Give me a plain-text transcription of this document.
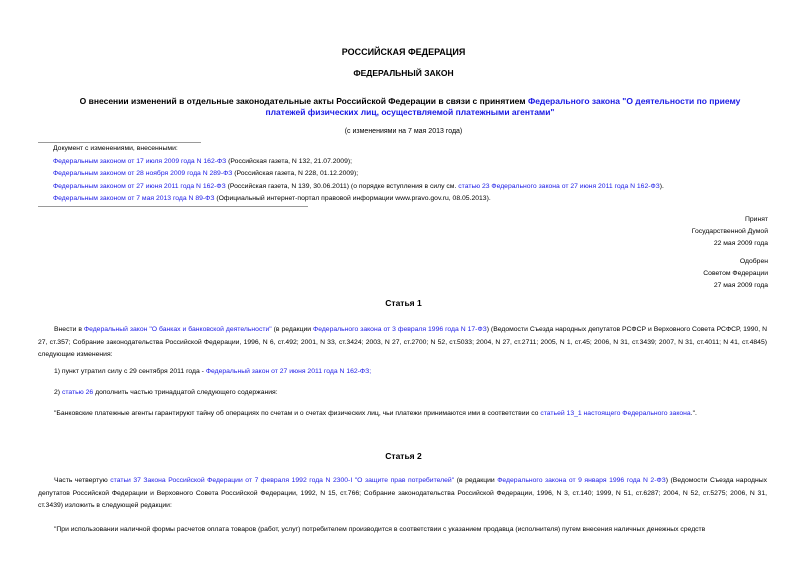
РОССИЙСКАЯ ФЕДЕРАЦИЯ
ФЕДЕРАЛЬНЫЙ ЗАКОН
О внесении изменений в отдельные законодательные акты Российской Федерации в связи с принятием Федерального закона "О деятельности по приему платежей физических лиц, осуществляемой платежными агентами"
(с изменениями на 7 мая 2013 года)
Документ с изменениями, внесенными:
Федеральным законом от 17 июля 2009 года N 162-ФЗ (Российская газета, N 132, 21.07.2009);
Федеральным законом от 28 ноября 2009 года N 289-ФЗ (Российская газета, N 228, 01.12.2009);
Федеральным законом от 27 июня 2011 года N 162-ФЗ (Российская газета, N 139, 30.06.2011) (о порядке вступления в силу см. статью 23 Федерального закона от 27 июня 2011 года N 162-ФЗ).
Федеральным законом от 7 мая 2013 года N 89-ФЗ (Официальный интернет-портал правовой информации www.pravo.gov.ru, 08.05.2013).
Принят
Государственной Думой
22 мая 2009 года
Одобрен
Советом Федерации
27 мая 2009 года
Статья 1
Внести в Федеральный закон "О банках и банковской деятельности" (в редакции Федерального закона от 3 февраля 1996 года N 17-ФЗ) (Ведомости Съезда народных депутатов РСФСР и Верховного Совета РСФСР, 1990, N 27, ст.357; Собрание законодательства Российской Федерации, 1996, N 6, ст.492; 2001, N 33, ст.3424; 2003, N 27, ст.2700; N 52, ст.5033; 2004, N 27, ст.2711; 2005, N 1, ст.45; 2006, N 31, ст.3439; 2007, N 31, ст.4011; N 41, ст.4845) следующие изменения:
1) пункт утратил силу с 29 сентября 2011 года - Федеральный закон от 27 июня 2011 года N 162-ФЗ;
2) статью 26 дополнить частью тринадцатой следующего содержания:
"Банковские платежные агенты гарантируют тайну об операциях по счетам и о счетах физических лиц, чьи платежи принимаются ими в соответствии со статьей 13_1 настоящего Федерального закона.".
Статья 2
Часть четвертую статьи 37 Закона Российской Федерации от 7 февраля 1992 года N 2300-I "О защите прав потребителей" (в редакции Федерального закона от 9 января 1996 года N 2-ФЗ) (Ведомости Съезда народных депутатов Российской Федерации и Верховного Совета Российской Федерации, 1992, N 15, ст.766; Собрание законодательства Российской Федерации, 1996, N 3, ст.140; 1999, N 51, ст.6287; 2004, N 52, ст.5275; 2006, N 31, ст.3439) изложить в следующей редакции:
"При использовании наличной формы расчетов оплата товаров (работ, услуг) потребителем производится в соответствии с указанием продавца (исполнителя) путем внесения наличных денежных средств
